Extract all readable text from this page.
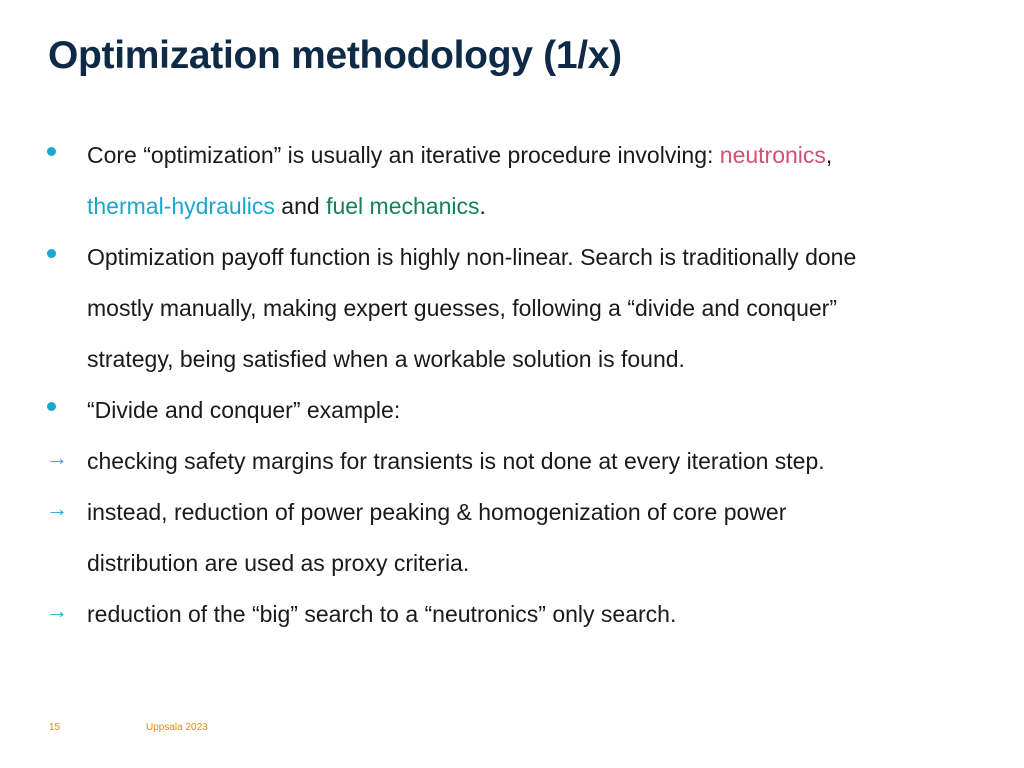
Optimization methodology (1/x)
Core “optimization” is usually an iterative procedure involving: neutronics,
thermal-hydraulics and fuel mechanics.
Optimization payoff function is highly non-linear. Search is traditionally done
mostly manually, making expert guesses, following a “divide and conquer”
strategy, being satisfied when a workable solution is found.
“Divide and conquer” example:
→ checking safety margins for transients is not done at every iteration step.
→ instead, reduction of power peaking & homogenization of core power
distribution are used as proxy criteria.
→ reduction of the “big” search to a “neutronics” only search.
15	Uppsala 2023
